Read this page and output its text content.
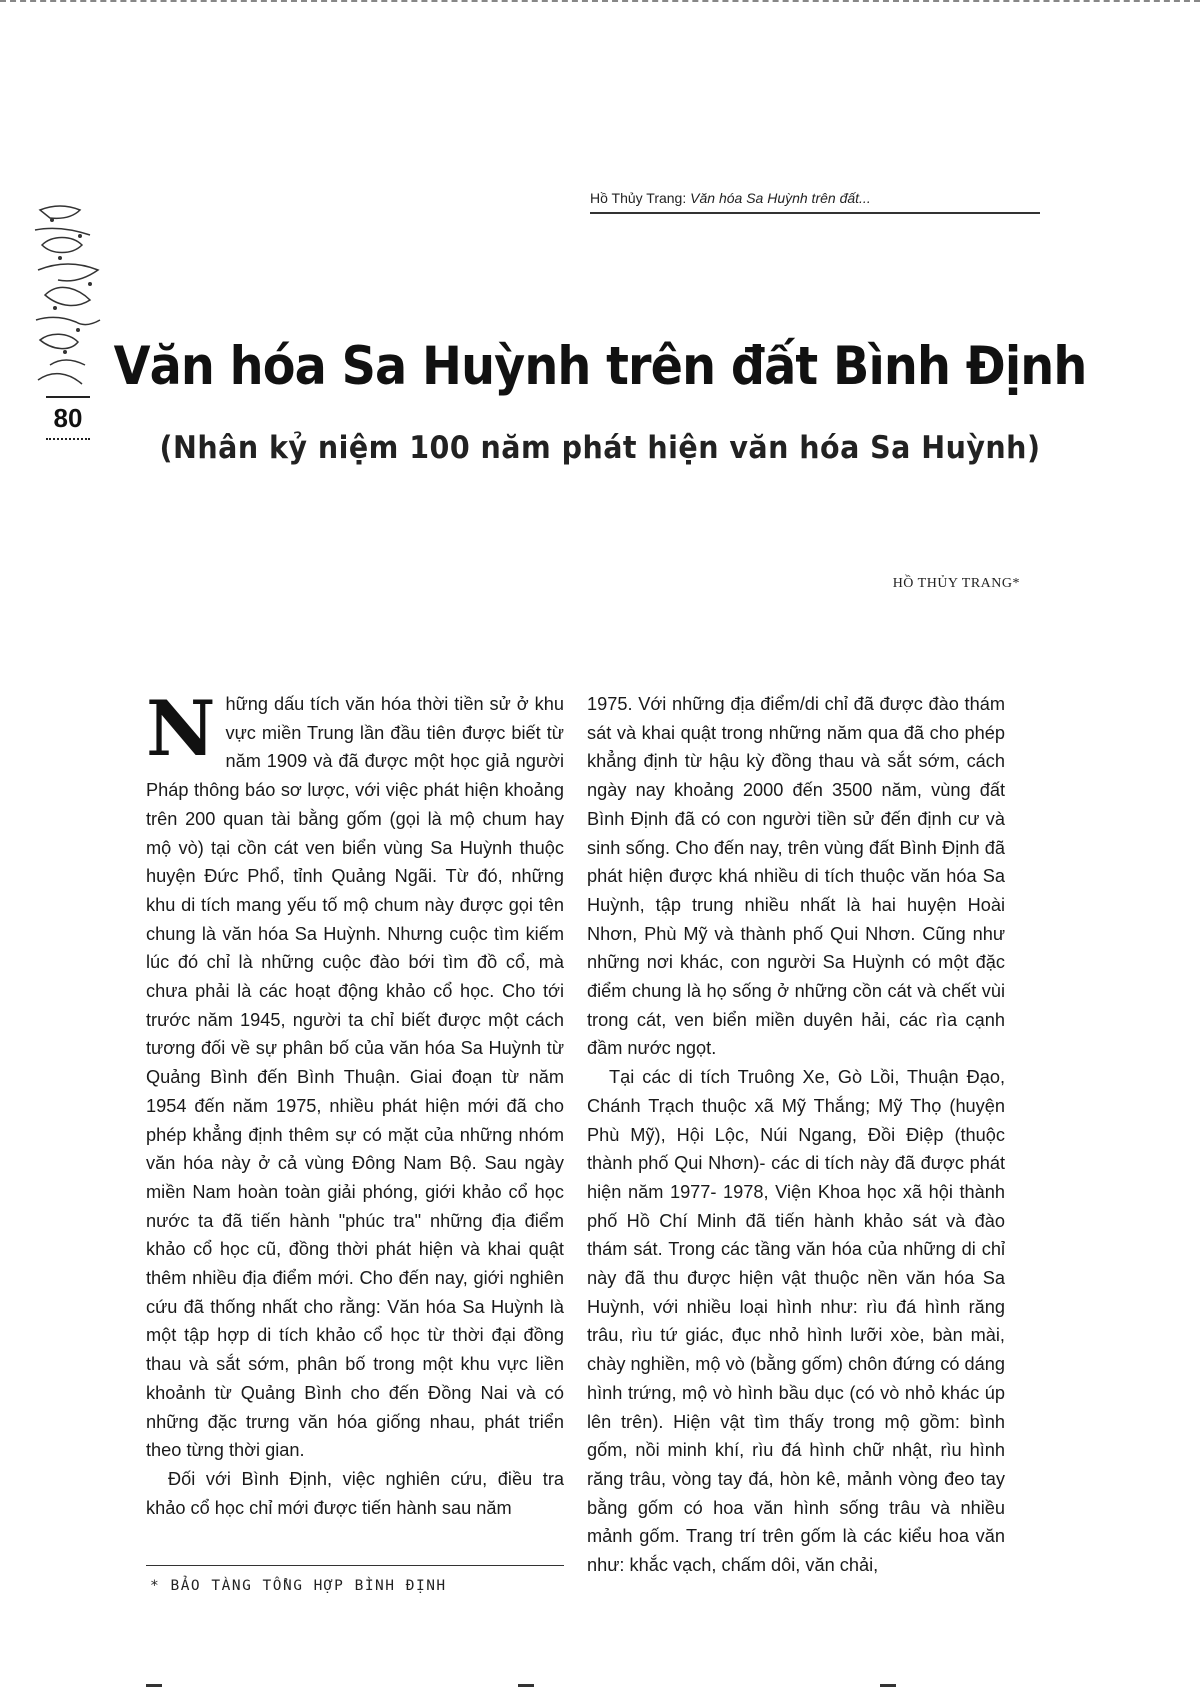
80
Hồ Thủy Trang: Văn hóa Sa Huỳnh trên đất...
Văn hóa Sa Huỳnh trên đất Bình Định
(Nhân kỷ niệm 100 năm phát hiện văn hóa Sa Huỳnh)
HỒ THỦY TRANG*

Những dấu tích văn hóa thời tiền sử ở khu vực miền Trung lần đầu tiên được biết từ năm 1909 và đã được một học giả người Pháp thông báo sơ lược, với việc phát hiện khoảng trên 200 quan tài bằng gốm (gọi là mộ chum hay mộ vò) tại cồn cát ven biển vùng Sa Huỳnh thuộc huyện Đức Phổ, tỉnh Quảng Ngãi. Từ đó, những khu di tích mang yếu tố mộ chum này được gọi tên chung là văn hóa Sa Huỳnh. Nhưng cuộc tìm kiếm lúc đó chỉ là những cuộc đào bới tìm đồ cổ, mà chưa phải là các hoạt động khảo cổ học. Cho tới trước năm 1945, người ta chỉ biết được một cách tương đối về sự phân bố của văn hóa Sa Huỳnh từ Quảng Bình đến Bình Thuận. Giai đoạn từ năm 1954 đến năm 1975, nhiều phát hiện mới đã cho phép khẳng định thêm sự có mặt của những nhóm văn hóa này ở cả vùng Đông Nam Bộ. Sau ngày miền Nam hoàn toàn giải phóng, giới khảo cổ học nước ta đã tiến hành "phúc tra" những địa điểm khảo cổ học cũ, đồng thời phát hiện và khai quật thêm nhiều địa điểm mới. Cho đến nay, giới nghiên cứu đã thống nhất cho rằng: Văn hóa Sa Huỳnh là một tập hợp di tích khảo cổ học từ thời đại đồng thau và sắt sớm, phân bố trong một khu vực liền khoảnh từ Quảng Bình cho đến Đồng Nai và có những đặc trưng văn hóa giống nhau, phát triển theo từng thời gian.

Đối với Bình Định, việc nghiên cứu, điều tra khảo cổ học chỉ mới được tiến hành sau năm

1975. Với những địa điểm/di chỉ đã được đào thám sát và khai quật trong những năm qua đã cho phép khẳng định từ hậu kỳ đồng thau và sắt sớm, cách ngày nay khoảng 2000 đến 3500 năm, vùng đất Bình Định đã có con người tiền sử đến định cư và sinh sống. Cho đến nay, trên vùng đất Bình Định đã phát hiện được khá nhiều di tích thuộc văn hóa Sa Huỳnh, tập trung nhiều nhất là hai huyện Hoài Nhơn, Phù Mỹ và thành phố Qui Nhơn. Cũng như những nơi khác, con người Sa Huỳnh có một đặc điểm chung là họ sống ở những cồn cát và chết vùi trong cát, ven biển miền duyên hải, các rìa cạnh đầm nước ngọt.

Tại các di tích Truông Xe, Gò Lồi, Thuận Đạo, Chánh Trạch thuộc xã Mỹ Thắng; Mỹ Thọ (huyện Phù Mỹ), Hội Lộc, Núi Ngang, Đồi Điệp (thuộc thành phố Qui Nhơn)- các di tích này đã được phát hiện năm 1977- 1978, Viện Khoa học xã hội thành phố Hồ Chí Minh đã tiến hành khảo sát và đào thám sát. Trong các tầng văn hóa của những di chỉ này đã thu được hiện vật thuộc nền văn hóa Sa Huỳnh, với nhiều loại hình như: rìu đá hình răng trâu, rìu tứ giác, đục nhỏ hình lưỡi xòe, bàn mài, chày nghiền, mộ vò (bằng gốm) chôn đứng có dáng hình trứng, mộ vò hình bầu dục (có vò nhỏ khác úp lên trên). Hiện vật tìm thấy trong mộ gồm: bình gốm, nồi minh khí, rìu đá hình chữ nhật, rìu hình răng trâu, vòng tay đá, hòn kê, mảnh vòng đeo tay bằng gốm có hoa văn hình sống trâu và nhiều mảnh gốm. Trang trí trên gốm là các kiểu hoa văn như: khắc vạch, chấm dôi, văn chải,

* BẢO TÀNG TỔNG HỢP BÌNH ĐỊNH
